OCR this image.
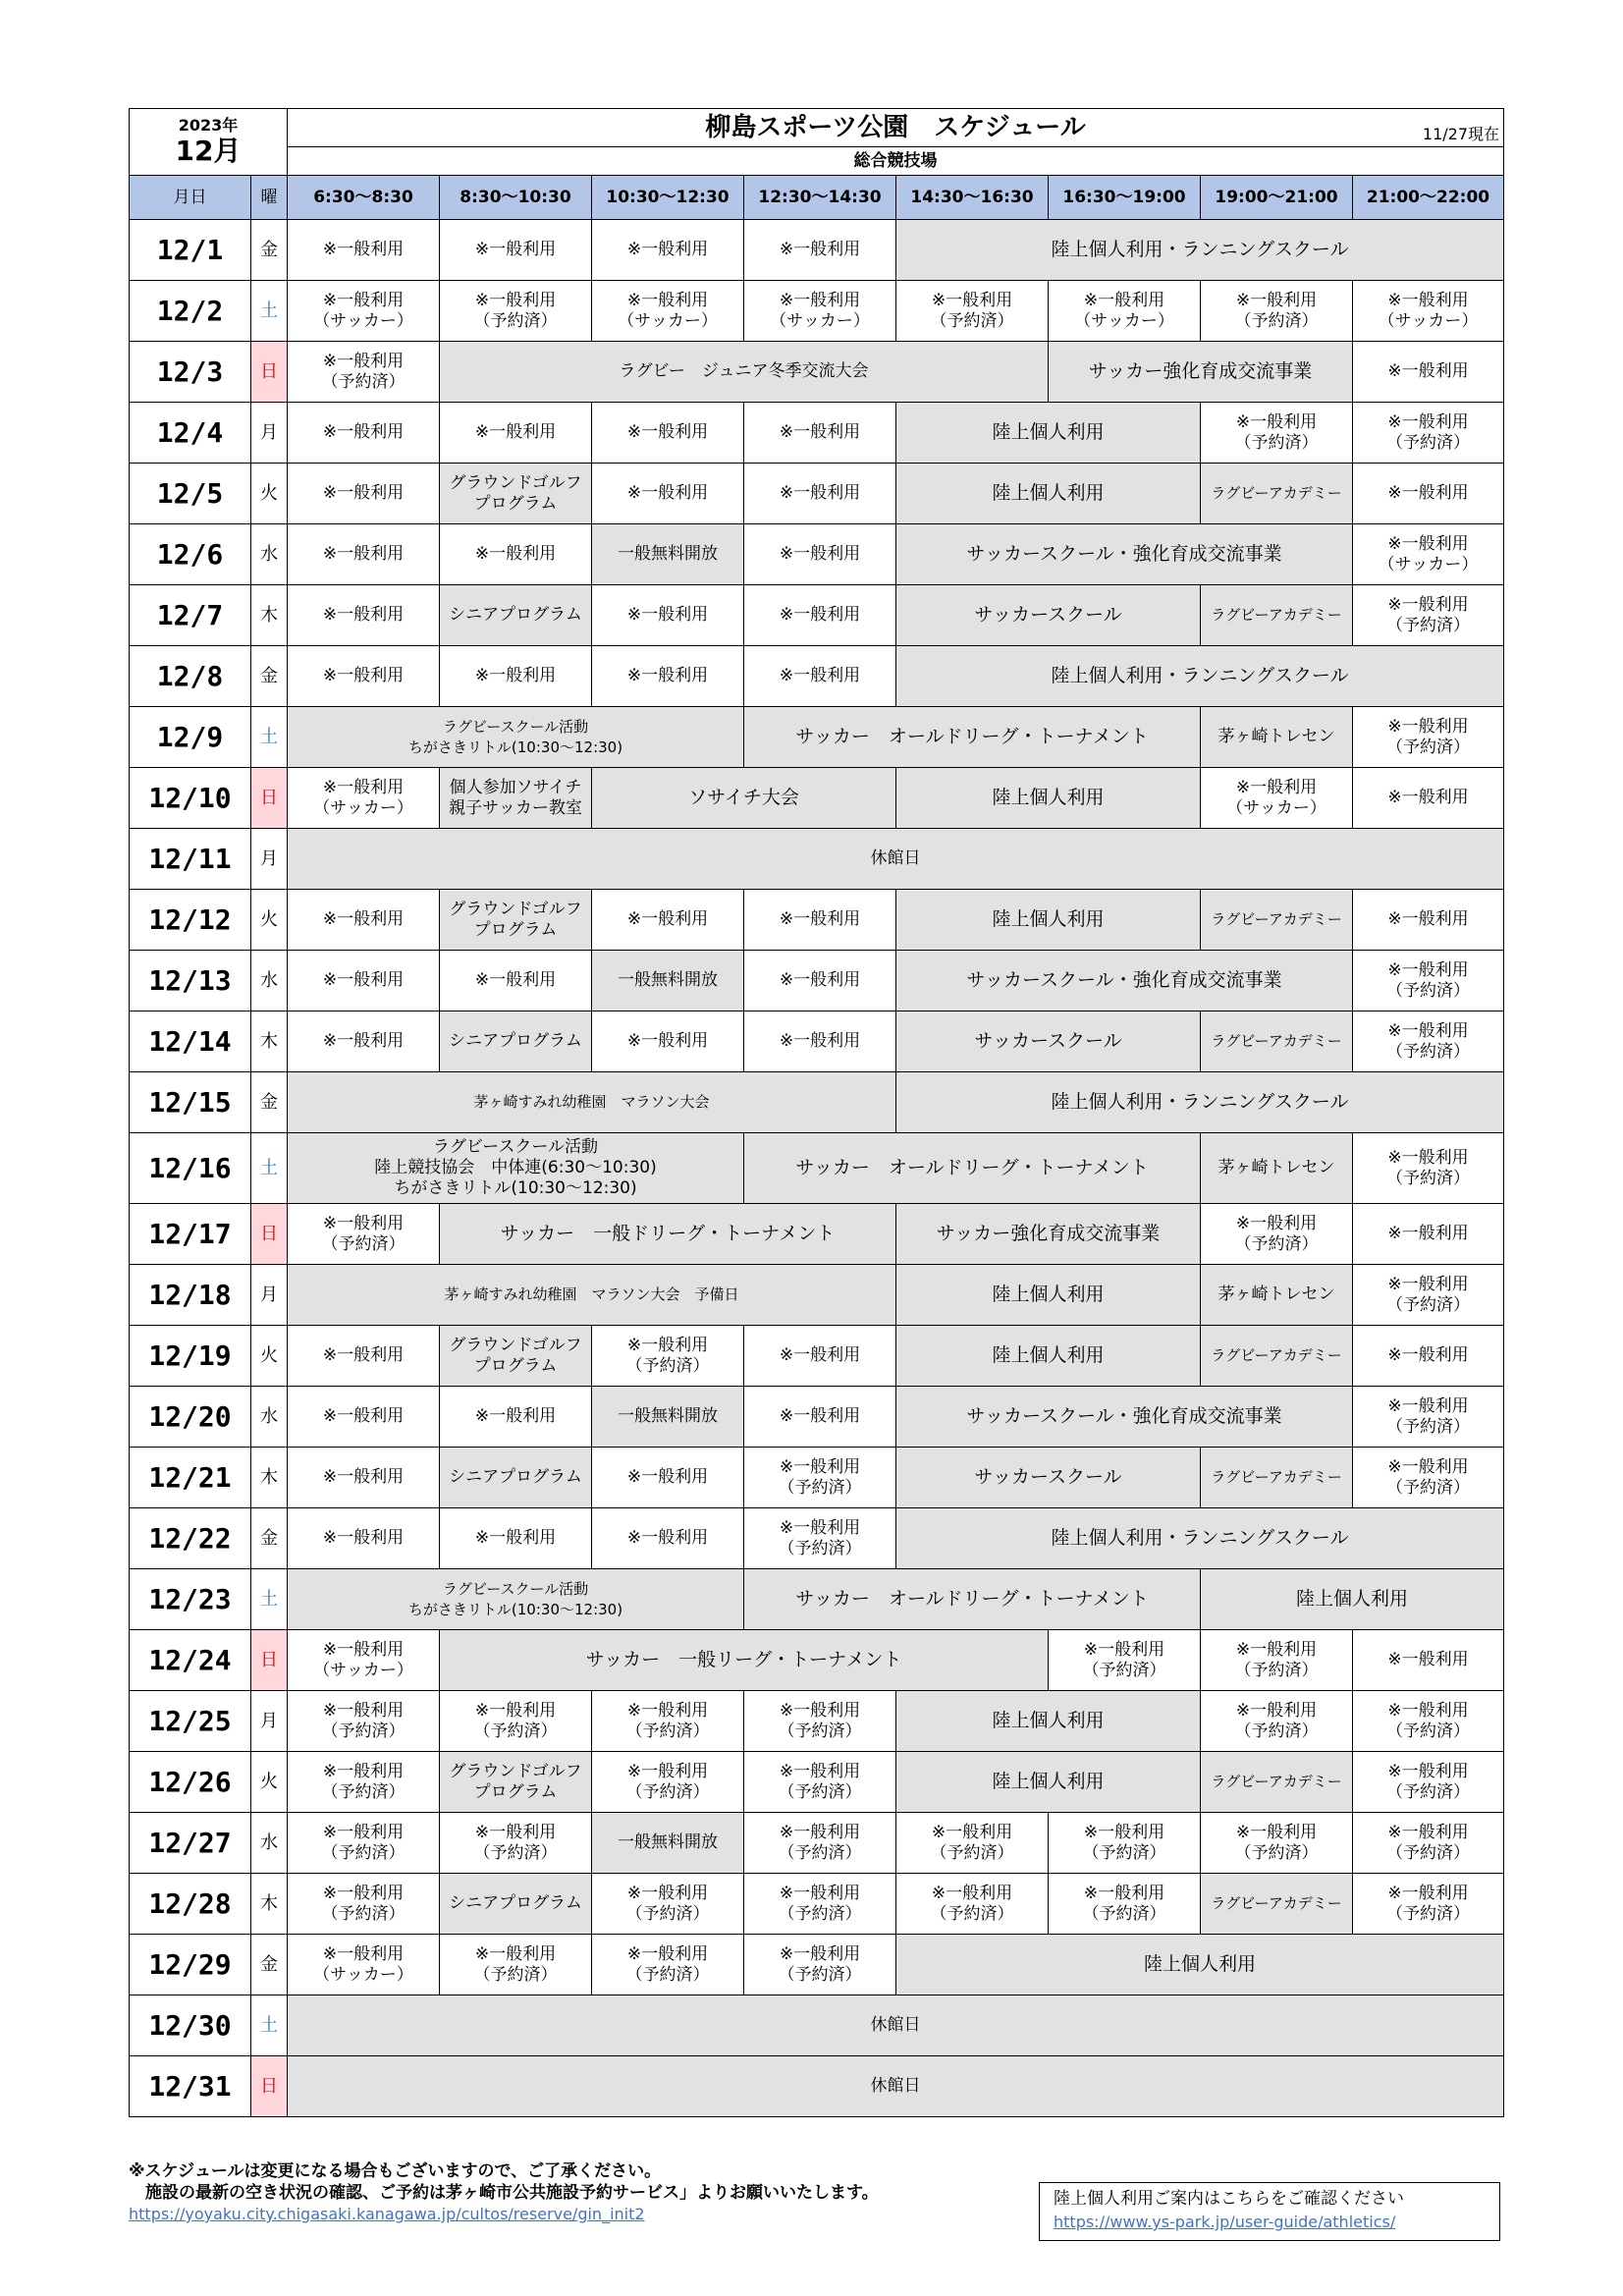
2023年
12月		柳島スポーツ公園　スケジュール 11/27現在							

		総合競技場							
月日	曜	6:30～8:30	8:30～10:30	10:30～12:30	12:30～14:30	14:30～16:30	16:30～19:00	19:00～21:00	21:00～22:00
12/1	金	※一般利用	※一般利用	※一般利用	※一般利用	陸上個人利用・ランニングスクール			

12/2	土	※一般利用
（サッカー）	※一般利用
（予約済）	※一般利用
（サッカー）	※一般利用
（サッカー）	※一般利用
（予約済）	※一般利用
（サッカー）	※一般利用
（予約済）	※一般利用
（サッカー）

12/3	日	※一般利用
（予約済）	ラグビー　ジュニア冬季交流大会				サッカー強化育成交流事業		※一般利用

12/4	月	※一般利用	※一般利用	※一般利用	※一般利用	陸上個人利用		※一般利用
（予約済）	※一般利用
（予約済）

12/5	火	※一般利用	グラウンドゴルフ
プログラム	※一般利用	※一般利用	陸上個人利用		ラグビーアカデミー	※一般利用

12/6	水	※一般利用	※一般利用	一般無料開放	※一般利用	サッカースクール・強化育成交流事業			※一般利用
（サッカー）

12/7	木	※一般利用	シニアプログラム	※一般利用	※一般利用	サッカースクール		ラグビーアカデミー	※一般利用
（予約済）

12/8	金	※一般利用	※一般利用	※一般利用	※一般利用	陸上個人利用・ランニングスクール			

12/9	土	ラグビースクール活動
ちがさきリトル(10:30～12:30)			サッカー　オールドリーグ・トーナメント			茅ヶ崎トレセン	※一般利用
（予約済）

12/10	日	※一般利用
（サッカー）	個人参加ソサイチ
親子サッカー教室	ソサイチ大会		陸上個人利用		※一般利用
（サッカー）	※一般利用

12/11	月	休館日							

12/12	火	※一般利用	グラウンドゴルフ
プログラム	※一般利用	※一般利用	陸上個人利用		ラグビーアカデミー	※一般利用

12/13	水	※一般利用	※一般利用	一般無料開放	※一般利用	サッカースクール・強化育成交流事業			※一般利用
（予約済）

12/14	木	※一般利用	シニアプログラム	※一般利用	※一般利用	サッカースクール		ラグビーアカデミー	※一般利用
（予約済）

12/15	金	茅ヶ崎すみれ幼稚園　マラソン大会				陸上個人利用・ランニングスクール			

12/16	土	ラグビースクール活動
陸上競技協会　中体連(6:30～10:30)
ちがさきリトル(10:30～12:30)			サッカー　オールドリーグ・トーナメント			茅ヶ崎トレセン	※一般利用
（予約済）

12/17	日	※一般利用
（予約済）	サッカー　一般ドリーグ・トーナメント			サッカー強化育成交流事業		※一般利用
（予約済）	※一般利用

12/18	月	茅ヶ崎すみれ幼稚園　マラソン大会　予備日				陸上個人利用		茅ヶ崎トレセン	※一般利用
（予約済）

12/19	火	※一般利用	グラウンドゴルフ
プログラム	※一般利用
（予約済）	※一般利用	陸上個人利用		ラグビーアカデミー	※一般利用

12/20	水	※一般利用	※一般利用	一般無料開放	※一般利用	サッカースクール・強化育成交流事業			※一般利用
（予約済）

12/21	木	※一般利用	シニアプログラム	※一般利用	※一般利用
（予約済）	サッカースクール		ラグビーアカデミー	※一般利用
（予約済）

12/22	金	※一般利用	※一般利用	※一般利用	※一般利用
（予約済）	陸上個人利用・ランニングスクール			

12/23	土	ラグビースクール活動
ちがさきリトル(10:30～12:30)			サッカー　オールドリーグ・トーナメント			陸上個人利用	

12/24	日	※一般利用
（サッカー）	サッカー　一般リーグ・トーナメント				※一般利用
（予約済）	※一般利用
（予約済）	※一般利用

12/25	月	※一般利用
（予約済）	※一般利用
（予約済）	※一般利用
（予約済）	※一般利用
（予約済）	陸上個人利用		※一般利用
（予約済）	※一般利用
（予約済）

12/26	火	※一般利用
（予約済）	グラウンドゴルフ
プログラム	※一般利用
（予約済）	※一般利用
（予約済）	陸上個人利用		ラグビーアカデミー	※一般利用
（予約済）

12/27	水	※一般利用
（予約済）	※一般利用
（予約済）	一般無料開放	※一般利用
（予約済）	※一般利用
（予約済）	※一般利用
（予約済）	※一般利用
（予約済）	※一般利用
（予約済）

12/28	木	※一般利用
（予約済）	シニアプログラム	※一般利用
（予約済）	※一般利用
（予約済）	※一般利用
（予約済）	※一般利用
（予約済）	ラグビーアカデミー	※一般利用
（予約済）

12/29	金	※一般利用
（サッカー）	※一般利用
（予約済）	※一般利用
（予約済）	※一般利用
（予約済）	陸上個人利用			

12/30	土	休館日							

12/31	日	休館日							
※スケジュールは変更になる場合もございますので、ご了承ください。
　施設の最新の空き状況の確認、ご予約は茅ヶ崎市公共施設予約サービス」よりお願いいたします。
https://yoyaku.city.chigasaki.kanagawa.jp/cultos/reserve/gin_init2
陸上個人利用ご案内はこちらをご確認ください
https://www.ys-park.jp/user-guide/athletics/
